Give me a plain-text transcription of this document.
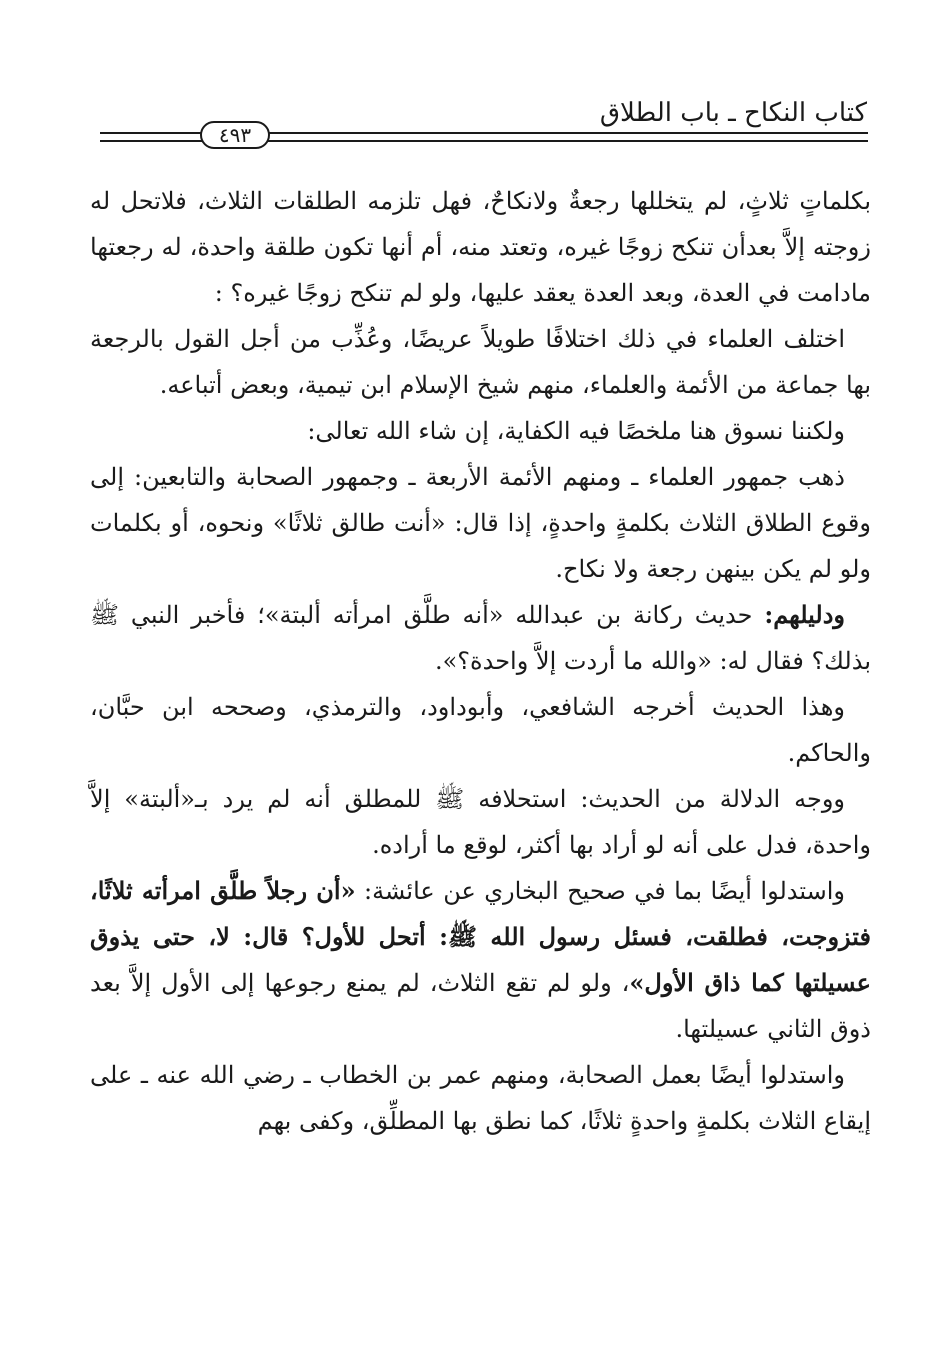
كتاب النكاح ـ باب الطلاق
٤٩٣

بكلماتٍ ثلاثٍ، لم يتخللها رجعةٌ ولانكاحٌ، فهل تلزمه الطلقات الثلاث، فلاتحل له زوجته إلاَّ بعدأن تنكح زوجًا غيره، وتعتد منه، أم أنها تكون طلقة واحدة، له رجعتها مادامت في العدة، وبعد العدة يعقد عليها، ولو لم تنكح زوجًا غيره؟ :

اختلف العلماء في ذلك اختلافًا طويلاً عريضًا، وعُذِّب من أجل القول بالرجعة بها جماعة من الأئمة والعلماء، منهم شيخ الإسلام ابن تيمية، وبعض أتباعه.

ولكننا نسوق هنا ملخصًا فيه الكفاية، إن شاء الله تعالى:

ذهب جمهور العلماء ـ ومنهم الأئمة الأربعة ـ وجمهور الصحابة والتابعين: إلى وقوع الطلاق الثلاث بكلمةٍ واحدةٍ، إذا قال: «أنت طالق ثلاثًا» ونحوه، أو بكلمات ولو لم يكن بينهن رجعة ولا نكاح.

ودليلهم: حديث ركانة بن عبدالله «أنه طلَّق امرأته ألبتة»؛ فأخبر النبي ﷺ بذلك؟ فقال له: «والله ما أردت إلاَّ واحدة؟».

وهذا الحديث أخرجه الشافعي، وأبوداود، والترمذي، وصححه ابن حبَّان، والحاكم.

ووجه الدلالة من الحديث: استحلافه ﷺ للمطلق أنه لم يرد بـ«ألبتة» إلاَّ واحدة، فدل على أنه لو أراد بها أكثر، لوقع ما أراده.

واستدلوا أيضًا بما في صحيح البخاري عن عائشة: «أن رجلاً طلَّق امرأته ثلاثًا، فتزوجت، فطلقت، فسئل رسول الله ﷺ: أتحل للأول؟ قال: لا، حتى يذوق عسيلتها كما ذاق الأول»، ولو لم تقع الثلاث، لم يمنع رجوعها إلى الأول إلاَّ بعد ذوق الثاني عسيلتها.

واستدلوا أيضًا بعمل الصحابة، ومنهم عمر بن الخطاب ـ رضي الله عنه ـ على إيقاع الثلاث بكلمةٍ واحدةٍ ثلاثًا، كما نطق بها المطلِّق، وكفى بهم
